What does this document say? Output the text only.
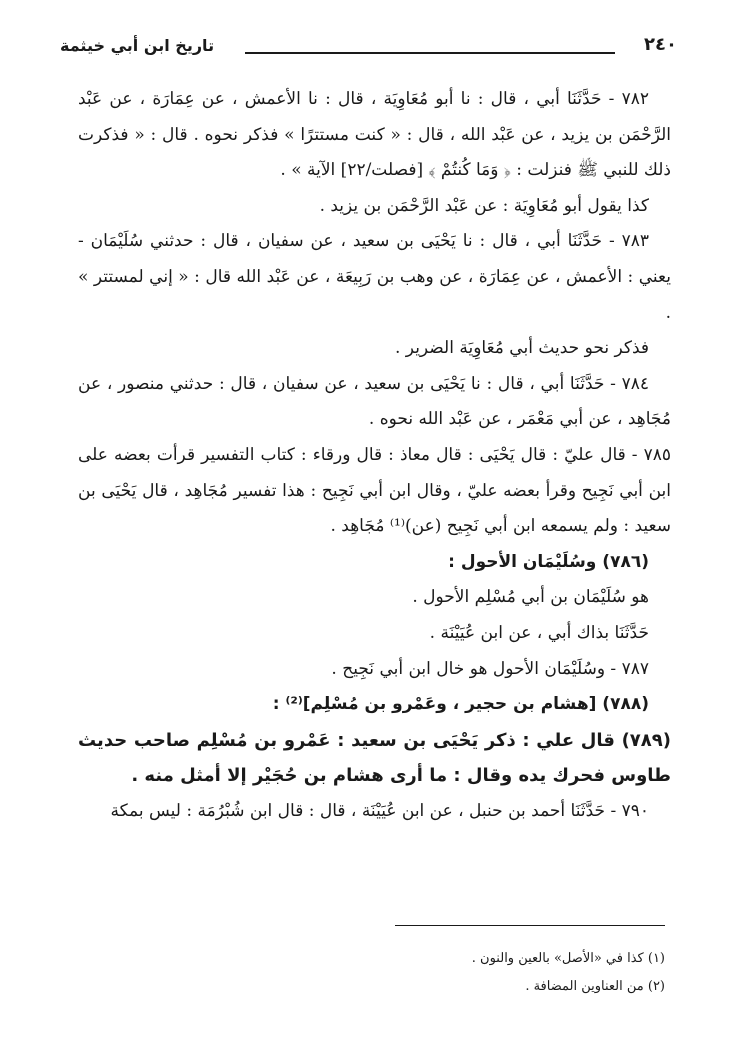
٢٤٠
تاريخ ابن أبي خيثمة

٧٨٢ - حَدَّثَنَا أبي ، قال : نا أبو مُعَاوِيَة ، قال : نا الأعمش ، عن عِمَارَة ، عن عَبْد الرَّحْمَن بن يزيد ، عن عَبْد الله ، قال : « كنت مستترًا » فذكر نحوه . قال : « فذكرت ذلك للنبي ﷺ فنزلت : ﴿ وَمَا كُنتُمْ ﴾ [فصلت/٢٢] الآية » .

كذا يقول أبو مُعَاوِيَة : عن عَبْد الرَّحْمَن بن يزيد .

٧٨٣ - حَدَّثَنَا أبي ، قال : نا يَحْيَى بن سعيد ، عن سفيان ، قال : حدثني سُلَيْمَان - يعني : الأعمش ، عن عِمَارَة ، عن وهب بن رَبِيعَة ، عن عَبْد الله قال : « إني لمستتر » .

فذكر نحو حديث أبي مُعَاوِيَة الضرير .

٧٨٤ - حَدَّثَنَا أبي ، قال : نا يَحْيَى بن سعيد ، عن سفيان ، قال : حدثني منصور ، عن مُجَاهِد ، عن أبي مَعْمَر ، عن عَبْد الله نحوه .

٧٨٥ - قال عليّ : قال يَحْيَى : قال معاذ : قال ورقاء : كتاب التفسير قرأت بعضه على ابن أبي نَجِيح وقرأ بعضه عليّ ، وقال ابن أبي نَجِيح : هذا تفسير مُجَاهِد ، قال يَحْيَى بن سعيد : ولم يسمعه ابن أبي نَجِيح (عن)⁽¹⁾ مُجَاهِد .

(٧٨٦) وسُلَيْمَان الأحول :

هو سُلَيْمَان بن أبي مُسْلِم الأحول .

حَدَّثَنَا بذاك أبي ، عن ابن عُيَيْنَة .

٧٨٧ - وسُلَيْمَان الأحول هو خال ابن أبي نَجِيح .

(٧٨٨) [هشام بن حجير ، وعَمْرو بن مُسْلِم]⁽²⁾ :

(٧٨٩) قال علي : ذكر يَحْيَى بن سعيد : عَمْرو بن مُسْلِم صاحب حديث طاوس فحرك يده وقال : ما أرى هشام بن حُجَيْر إلا أمثل منه .

٧٩٠ - حَدَّثَنَا أحمد بن حنبل ، عن ابن عُيَيْنَة ، قال : قال ابن شُبْرُمَة : ليس بمكة

(١) كذا في «الأصل» بالعين والنون .

(٢) من العناوين المضافة .
